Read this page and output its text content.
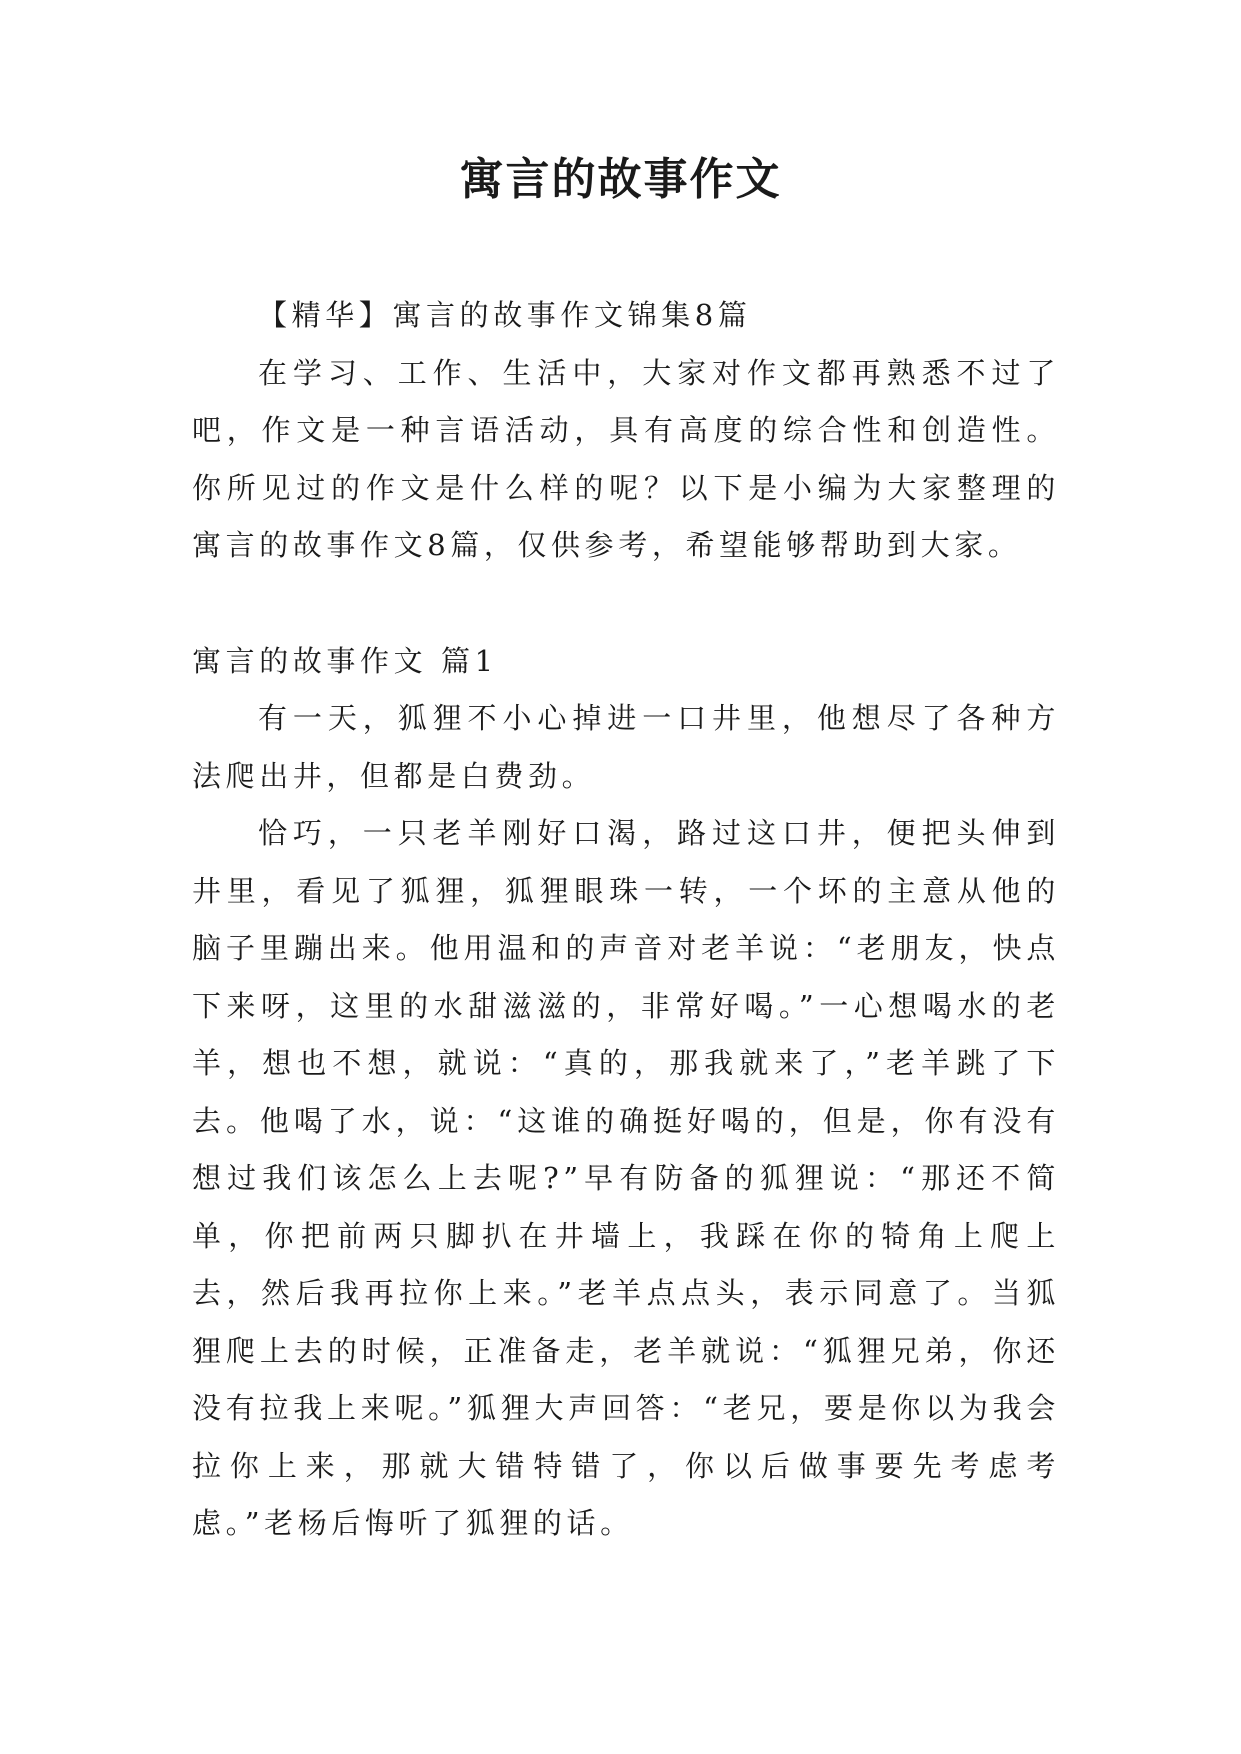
寓言的故事作文

【精华】寓言的故事作文锦集8篇

在学习、工作、生活中，大家对作文都再熟悉不过了吧，作文是一种言语活动，具有高度的综合性和创造性。你所见过的作文是什么样的呢？以下是小编为大家整理的寓言的故事作文8篇，仅供参考，希望能够帮助到大家。

寓言的故事作文 篇1

有一天，狐狸不小心掉进一口井里，他想尽了各种方法爬出井，但都是白费劲。

恰巧，一只老羊刚好口渴，路过这口井，便把头伸到井里，看见了狐狸，狐狸眼珠一转，一个坏的主意从他的脑子里蹦出来。他用温和的声音对老羊说：“老朋友，快点下来呀，这里的水甜滋滋的，非常好喝。”一心想喝水的老羊，想也不想，就说：“真的，那我就来了，”老羊跳了下去。他喝了水，说：“这谁的确挺好喝的，但是，你有没有想过我们该怎么上去呢?”早有防备的狐狸说：“那还不简单，你把前两只脚扒在井墙上，我踩在你的犄角上爬上去，然后我再拉你上来。”老羊点点头，表示同意了。当狐狸爬上去的时候，正准备走，老羊就说：“狐狸兄弟，你还没有拉我上来呢。”狐狸大声回答：“老兄，要是你以为我会拉你上来，那就大错特错了，你以后做事要先考虑考虑。”老杨后悔听了狐狸的话。
